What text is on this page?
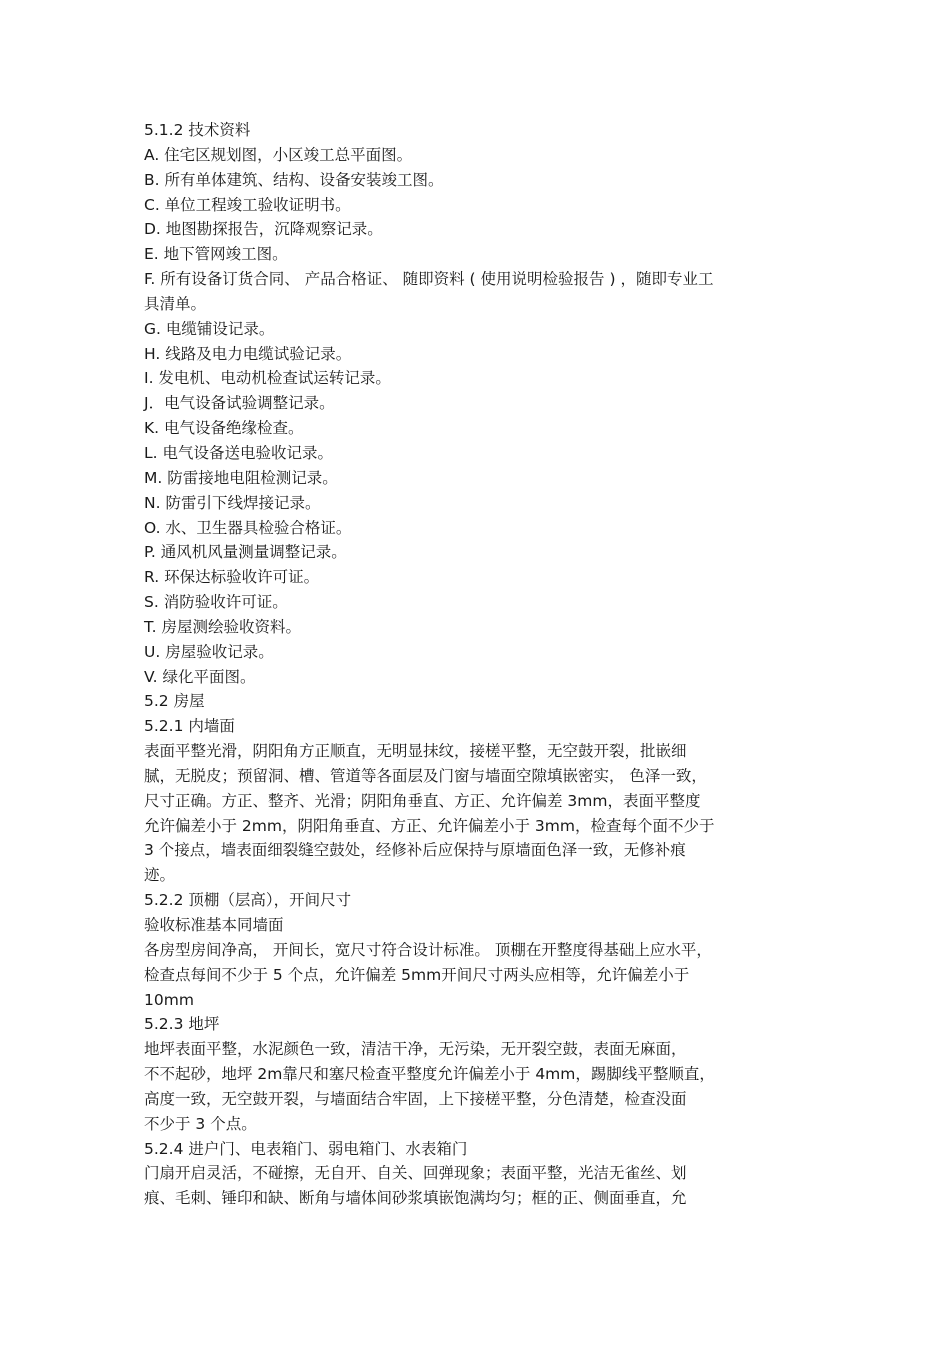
5.1.2 技术资料
A. 住宅区规划图，小区竣工总平面图。
B. 所有单体建筑、结构、设备安装竣工图。
C. 单位工程竣工验收证明书。
D. 地图勘探报告，沉降观察记录。
E. 地下管网竣工图。
F. 所有设备订货合同、 产品合格证、 随即资料 ( 使用说明检验报告 ) ，随即专业工
具清单。
G. 电缆铺设记录。
H. 线路及电力电缆试验记录。
I. 发电机、电动机检查试运转记录。
J．电气设备试验调整记录。
K. 电气设备绝缘检查。
L. 电气设备送电验收记录。
M. 防雷接地电阻检测记录。
N. 防雷引下线焊接记录。
O. 水、卫生器具检验合格证。
P. 通风机风量测量调整记录。
R. 环保达标验收许可证。
S. 消防验收许可证。
T. 房屋测绘验收资料。
U. 房屋验收记录。
V. 绿化平面图。
5.2 房屋
5.2.1 内墙面
表面平整光滑，阴阳角方正顺直，无明显抹纹，接槎平整，无空鼓开裂，批嵌细
腻，无脱皮；预留洞、槽、管道等各面层及门窗与墙面空隙填嵌密实， 色泽一致，
尺寸正确。方正、整齐、光滑；阴阳角垂直、方正、允许偏差 3mm，表面平整度
允许偏差小于 2mm，阴阳角垂直、方正、允许偏差小于 3mm，检查每个面不少于
3 个接点，墙表面细裂缝空鼓处，经修补后应保持与原墙面色泽一致，无修补痕
迹。
5.2.2 顶棚（层高），开间尺寸
验收标准基本同墙面
各房型房间净高， 开间长，宽尺寸符合设计标准。 顶棚在开整度得基础上应水平，
检查点每间不少于 5 个点，允许偏差 5mm开间尺寸两头应相等，允许偏差小于
10mm
5.2.3 地坪
地坪表面平整，水泥颜色一致，清洁干净，无污染，无开裂空鼓，表面无麻面，
不不起砂，地坪 2m靠尺和塞尺检查平整度允许偏差小于 4mm，踢脚线平整顺直，
高度一致，无空鼓开裂，与墙面结合牢固，上下接槎平整，分色清楚，检查没面
不少于 3 个点。
5.2.4 进户门、电表箱门、弱电箱门、水表箱门
门扇开启灵活，不碰擦，无自开、自关、回弹现象；表面平整，光洁无雀丝、划
痕、毛刺、锤印和缺、断角与墙体间砂浆填嵌饱满均匀；框的正、侧面垂直，允
